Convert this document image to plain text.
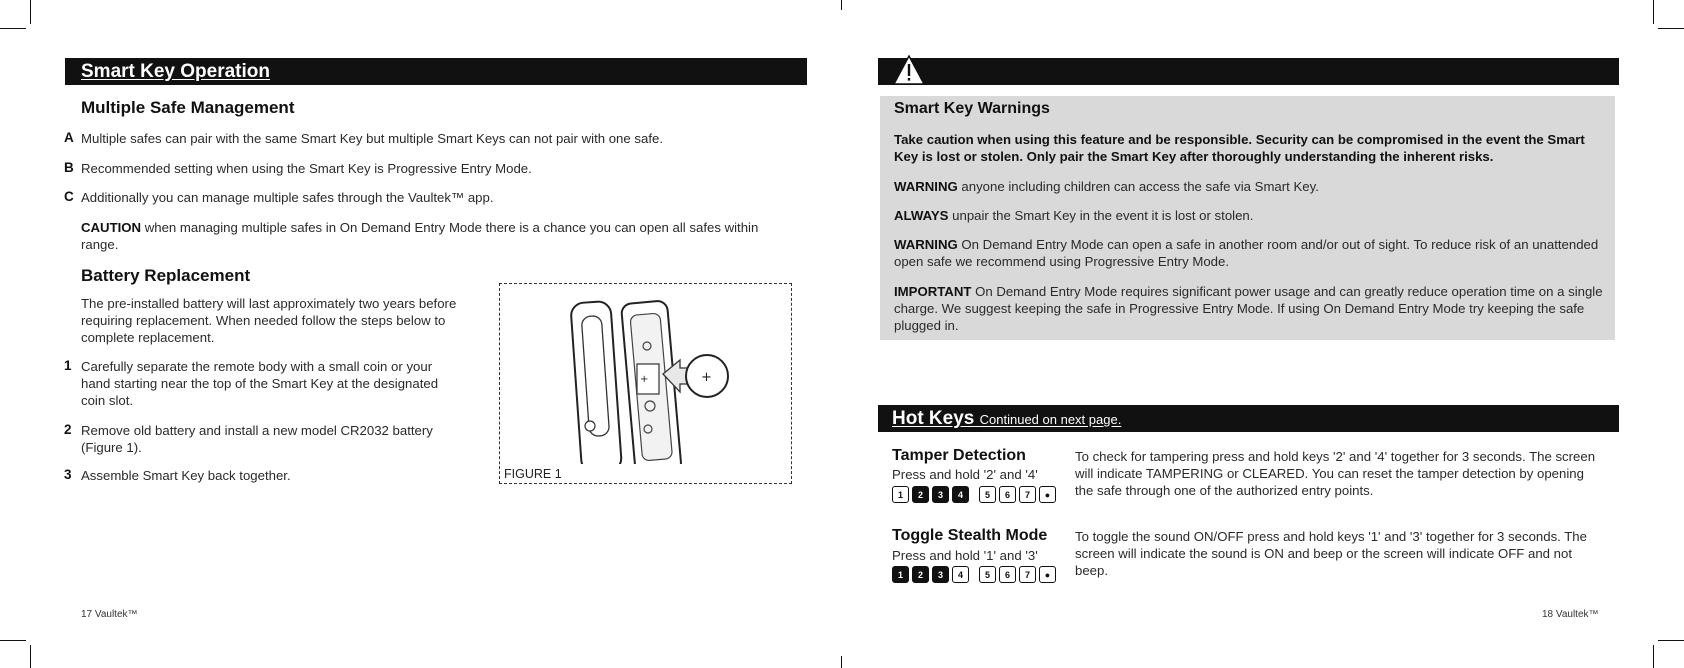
Smart Key Operation
Multiple Safe Management
A Multiple safes can pair with the same Smart Key but multiple Smart Keys can not pair with one safe.
B Recommended setting when using the Smart Key is Progressive Entry Mode.
C Additionally you can manage multiple safes through the Vaultek™ app.
CAUTION when managing multiple safes in On Demand Entry Mode there is a chance you can open all safes within range.
Battery Replacement
The pre-installed battery will last approximately two years before requiring replacement. When needed follow the steps below to complete replacement.
1 Carefully separate the remote body with a small coin or your hand starting near the top of the Smart Key at the designated coin slot.
2 Remove old battery and install a new model CR2032 battery (Figure 1).
3 Assemble Smart Key back together.
+	+
FIGURE 1
17 Vaultek™
Smart Key Warnings
Take caution when using this feature and be responsible. Security can be compromised in the event the Smart Key is lost or stolen. Only pair the Smart Key after thoroughly understanding the inherent risks.
WARNING anyone including children can access the safe via Smart Key.
ALWAYS unpair the Smart Key in the event it is lost or stolen.
WARNING On Demand Entry Mode can open a safe in another room and/or out of sight. To reduce risk of an unattended open safe we recommend using Progressive Entry Mode.
IMPORTANT On Demand Entry Mode requires significant power usage and can greatly reduce operation time on a single charge. We suggest keeping the safe in Progressive Entry Mode. If using On Demand Entry Mode try keeping the safe plugged in.
Hot Keys Continued on next page.
Tamper Detection
Press and hold '2' and '4'
1	2	3	4	5	6	7	●
To check for tampering press and hold keys '2' and '4' together for 3 seconds. The screen will indicate TAMPERING or CLEARED. You can reset the tamper detection by opening the safe through one of the authorized entry points.
Toggle Stealth Mode
Press and hold '1' and '3'
1	2	3	4	5	6	7	●
To toggle the sound ON/OFF press and hold keys '1' and '3' together for 3 seconds. The screen will indicate the sound is ON and beep or the screen will indicate OFF and not beep.
18 Vaultek™
